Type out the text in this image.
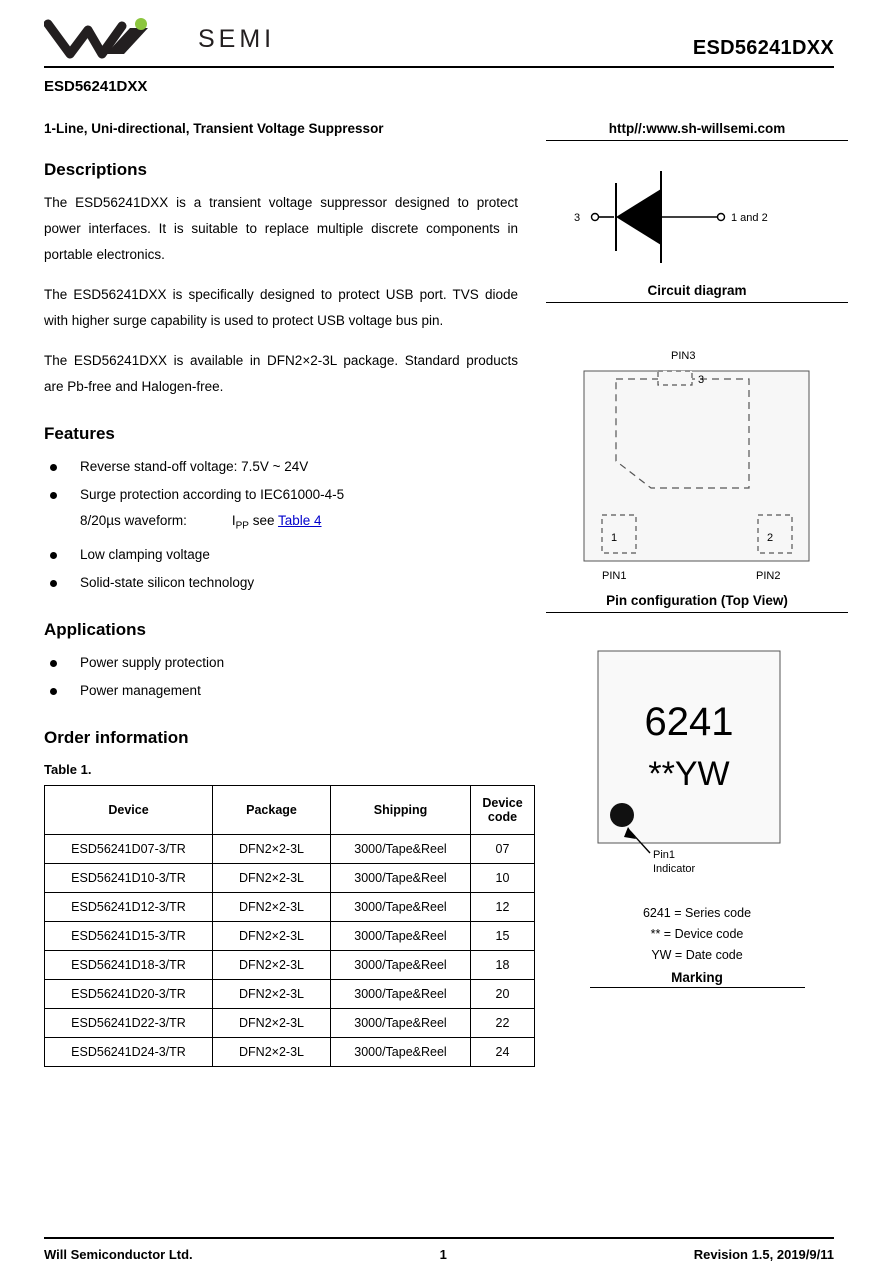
SEMI	ESD56241DXX
ESD56241DXX
1-Line, Uni-directional, Transient Voltage Suppressor
Descriptions

The ESD56241DXX is a transient voltage suppressor designed to protect power interfaces. It is suitable to replace multiple discrete components in portable electronics.

The ESD56241DXX is specifically designed to protect USB port. TVS diode with higher surge capability is used to protect USB voltage bus pin.

The ESD56241DXX is available in DFN2×2-3L package. Standard products are Pb-free and Halogen-free.

Features
Reverse stand-off voltage: 7.5V ~ 24V
Surge protection according to IEC61000-4-5
8/20µs waveform:	$I_{PP}$ see Table 4
Low clamping voltage
Solid-state silicon technology
Applications
Power supply protection
Power management
Order information
Table 1.
Device	Package	Shipping	Device code
ESD56241D07-3/TR	DFN2×2-3L	3000/Tape&Reel	07
ESD56241D10-3/TR	DFN2×2-3L	3000/Tape&Reel	10
ESD56241D12-3/TR	DFN2×2-3L	3000/Tape&Reel	12
ESD56241D15-3/TR	DFN2×2-3L	3000/Tape&Reel	15
ESD56241D18-3/TR	DFN2×2-3L	3000/Tape&Reel	18
ESD56241D20-3/TR	DFN2×2-3L	3000/Tape&Reel	20
ESD56241D22-3/TR	DFN2×2-3L	3000/Tape&Reel	22
ESD56241D24-3/TR	DFN2×2-3L	3000/Tape&Reel	24
http//:www.sh-willsemi.com
3	1 and 2
Circuit diagram
PIN3
3
1	2
PIN1	PIN2
Pin configuration (Top View)
6241
**YW
Pin1
Indicator
6241 = Series code
** = Device code
YW = Date code
Marking
Will Semiconductor Ltd.	1	Revision 1.5, 2019/9/11
